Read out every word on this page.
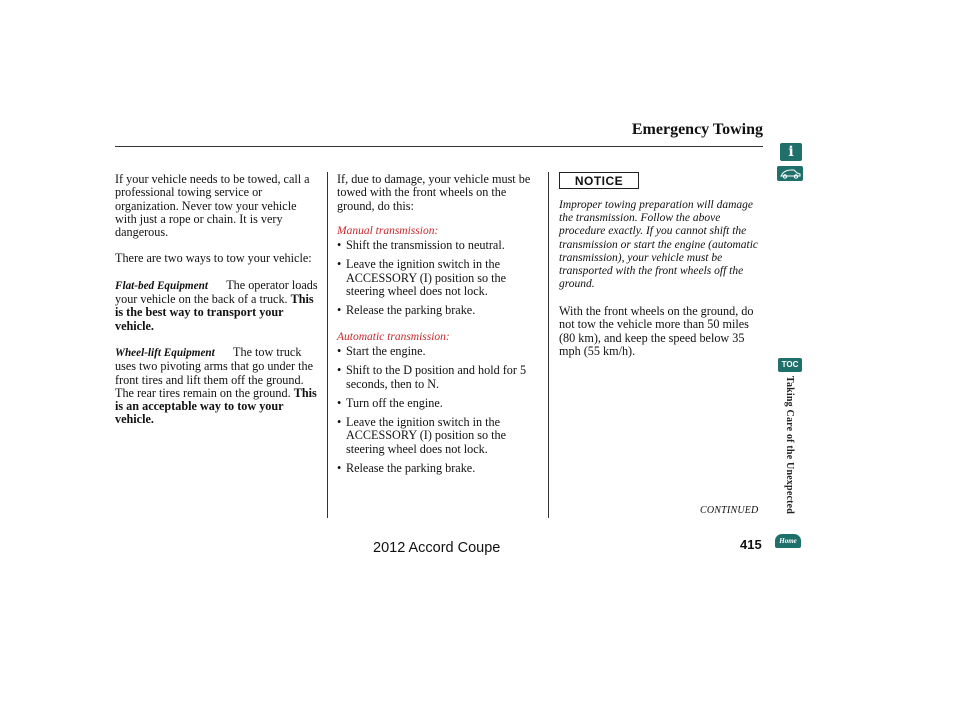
Emergency Towing

If your vehicle needs to be towed, call a professional towing service or organization. Never tow your vehicle with just a rope or chain. It is very dangerous.

There are two ways to tow your vehicle:

Flat-bed Equipment The operator loads your vehicle on the back of a truck. This is the best way to transport your vehicle.

Wheel-lift Equipment The tow truck uses two pivoting arms that go under the front tires and lift them off the ground. The rear tires remain on the ground. This is an acceptable way to tow your vehicle.

If, due to damage, your vehicle must be towed with the front wheels on the ground, do this:

Manual transmission:

• Shift the transmission to neutral.

• Leave the ignition switch in the ACCESSORY (I) position so the steering wheel does not lock.

• Release the parking brake.

Automatic transmission:

• Start the engine.

• Shift to the D position and hold for 5 seconds, then to N.

• Turn off the engine.

• Leave the ignition switch in the ACCESSORY (I) position so the steering wheel does not lock.

• Release the parking brake.

NOTICE
Improper towing preparation will damage the transmission. Follow the above procedure exactly. If you cannot shift the transmission or start the engine (automatic transmission), your vehicle must be transported with the front wheels off the ground.
With the front wheels on the ground, do not tow the vehicle more than 50 miles (80 km), and keep the speed below 35 mph (55 km/h).
CONTINUED
i
TOC
Taking Care of the Unexpected
Home
2012 Accord Coupe	415
